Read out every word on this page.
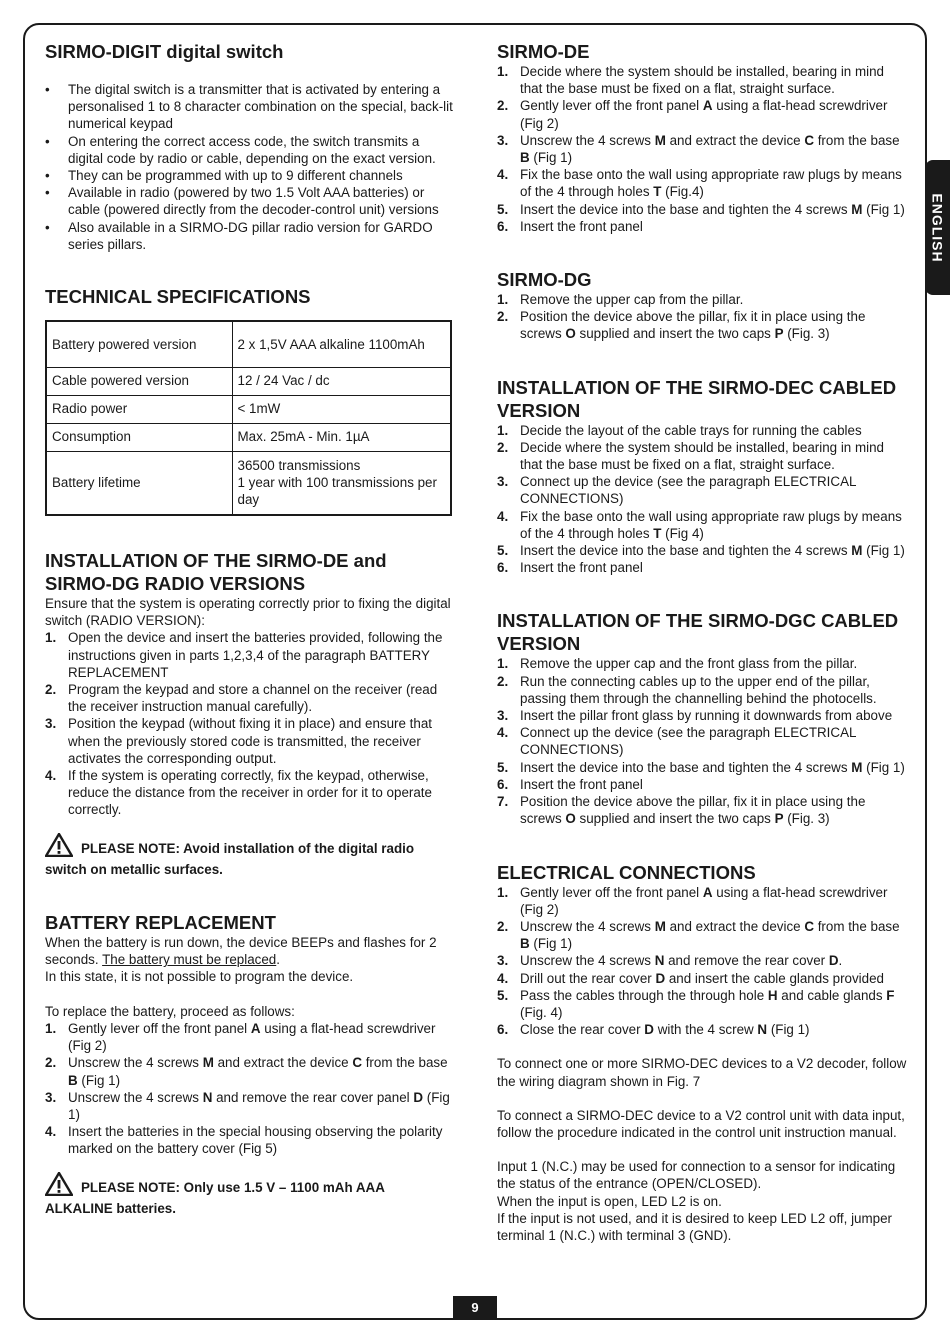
ENGLISH
SIRMO-DIGIT digital switch
• The digital switch is a transmitter that is activated by entering a personalised 1 to 8 character combination on the special, back-lit numerical keypad
• On entering the correct access code, the switch transmits a digital code by radio or cable, depending on the exact version.
• They can be programmed with up to 9 different channels
• Available in radio (powered by two 1.5 Volt AAA batteries) or cable (powered directly from the decoder-control unit) versions
• Also available in a SIRMO-DG pillar radio version for GARDO series pillars.
TECHNICAL SPECIFICATIONS
Battery powered version	2 x 1,5V AAA alkaline 1100mAh
Cable powered version	12 / 24 Vac / dc
Radio power	< 1mW
Consumption	Max. 25mA - Min. 1µA
Battery lifetime	36500 transmissions
1 year with 100 transmissions per day
INSTALLATION OF THE SIRMO-DE and SIRMO-DG RADIO VERSIONS

Ensure that the system is operating correctly prior to fixing the digital switch (RADIO VERSION):

1. Open the device and insert the batteries provided, following the instructions given in parts 1,2,3,4 of the paragraph BATTERY REPLACEMENT
2. Program the keypad and store a channel on the receiver (read the receiver instruction manual carefully).
3. Position the keypad (without fixing it in place) and ensure that when the previously stored code is transmitted, the receiver activates the corresponding output.
4. If the system is operating correctly, fix the keypad, otherwise, reduce the distance from the receiver in order for it to operate correctly.
PLEASE NOTE: Avoid installation of the digital radio switch on metallic surfaces.
BATTERY REPLACEMENT

When the battery is run down, the device BEEPs and flashes for 2 seconds. The battery must be replaced.

In this state, it is not possible to program the device.

To replace the battery, proceed as follows:

1. Gently lever off the front panel A using a flat-head screwdriver (Fig 2)
2. Unscrew the 4 screws M and extract the device C from the base B (Fig 1)
3. Unscrew the 4 screws N and remove the rear cover panel D (Fig 1)
4. Insert the batteries in the special housing observing the polarity marked on the battery cover (Fig 5)
PLEASE NOTE: Only use 1.5 V – 1100 mAh AAA ALKALINE batteries.
SIRMO-DE
1. Decide where the system should be installed, bearing in mind that the base must be fixed on a flat, straight surface.
2. Gently lever off the front panel A using a flat-head screwdriver (Fig 2)
3. Unscrew the 4 screws M and extract the device C from the base B (Fig 1)
4. Fix the base onto the wall using appropriate raw plugs by means of the 4 through holes T (Fig.4)
5. Insert the device into the base and tighten the 4 screws M (Fig 1)
6. Insert the front panel
SIRMO-DG
1. Remove the upper cap from the pillar.
2. Position the device above the pillar, fix it in place using the screws O supplied and insert the two caps P (Fig. 3)
INSTALLATION OF THE SIRMO-DEC CABLED VERSION
1. Decide the layout of the cable trays for running the cables
2. Decide where the system should be installed, bearing in mind that the base must be fixed on a flat, straight surface.
3. Connect up the device (see the paragraph ELECTRICAL CONNECTIONS)
4. Fix the base onto the wall using appropriate raw plugs by means of the 4 through holes T (Fig 4)
5. Insert the device into the base and tighten the 4 screws M (Fig 1)
6. Insert the front panel
INSTALLATION OF THE SIRMO-DGC CABLED VERSION
1. Remove the upper cap and the front glass from the pillar.
2. Run the connecting cables up to the upper end of the pillar, passing them through the channelling behind the photocells.
3. Insert the pillar front glass by running it downwards from above
4. Connect up the device (see the paragraph ELECTRICAL CONNECTIONS)
5. Insert the device into the base and tighten the 4 screws M (Fig 1)
6. Insert the front panel
7. Position the device above the pillar, fix it in place using the screws O supplied and insert the two caps P (Fig. 3)
ELECTRICAL CONNECTIONS
1. Gently lever off the front panel A using a flat-head screwdriver (Fig 2)
2. Unscrew the 4 screws M and extract the device C from the base B (Fig 1)
3. Unscrew the 4 screws N and remove the rear cover D.
4. Drill out the rear cover D and insert the cable glands provided
5. Pass the cables through the through hole H and cable glands F (Fig. 4)
6. Close the rear cover D with the 4 screw N (Fig 1)

To connect one or more SIRMO-DEC devices to a V2 decoder, follow the wiring diagram shown in Fig. 7

To connect a SIRMO-DEC device to a V2 control unit with data input, follow the procedure indicated in the control unit instruction manual.

Input 1 (N.C.) may be used for connection to a sensor for indicating the status of the entrance (OPEN/CLOSED).

When the input is open, LED L2 is on.

If the input is not used, and it is desired to keep LED L2 off, jumper terminal 1 (N.C.) with terminal 3 (GND).

9
